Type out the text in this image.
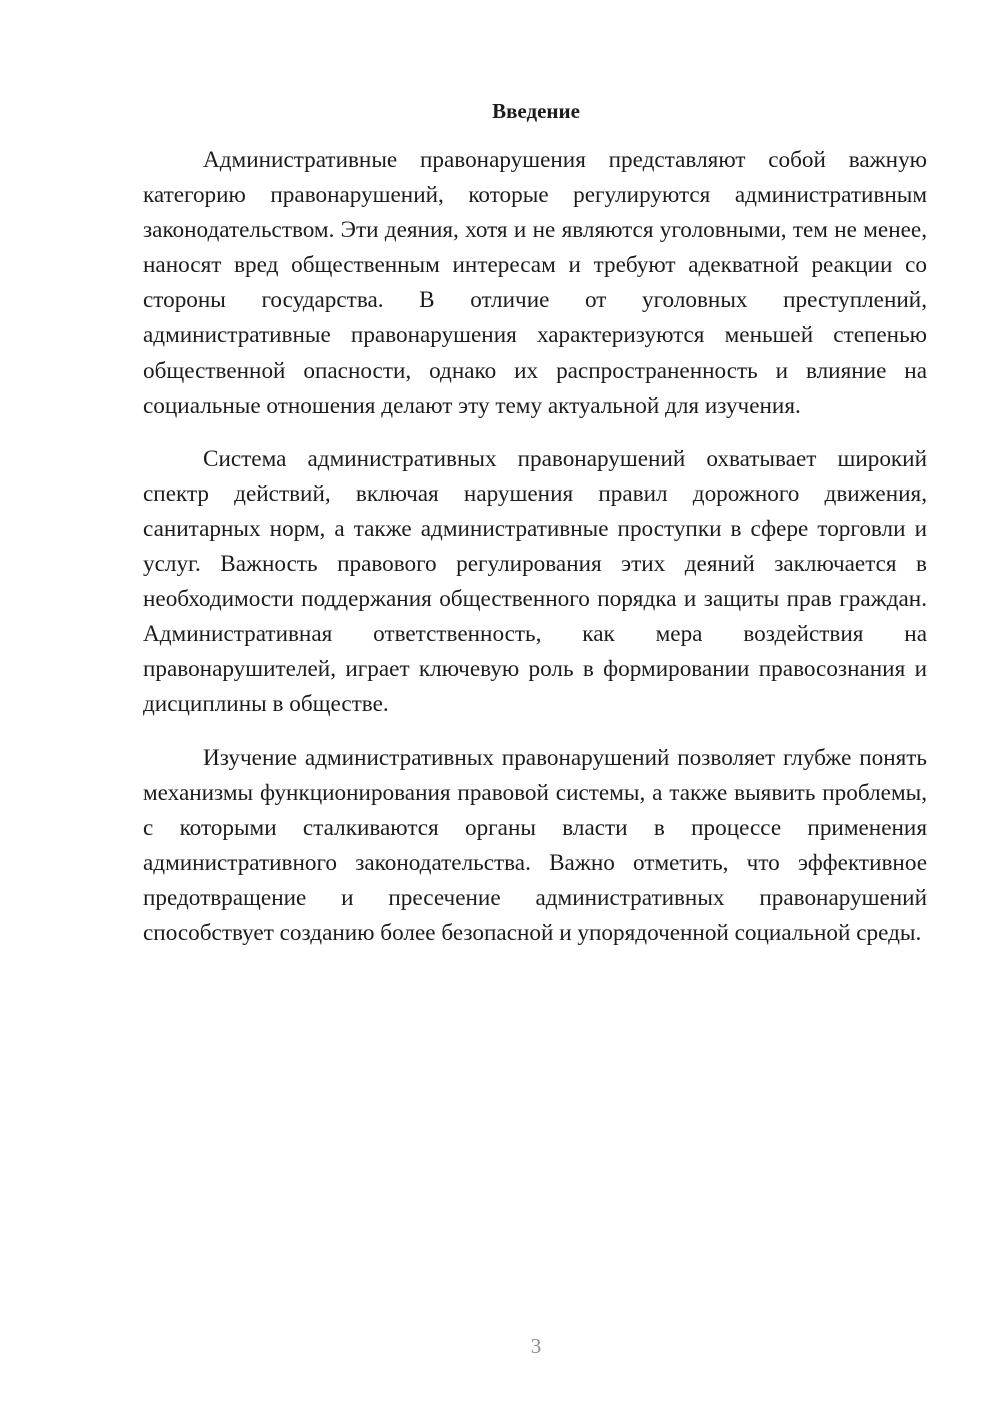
Введение

Административные правонарушения представляют собой важную категорию правонарушений, которые регулируются административным законодательством. Эти деяния, хотя и не являются уголовными, тем не менее, наносят вред общественным интересам и требуют адекватной реакции со стороны государства. В отличие от уголовных преступлений, административные правонарушения характеризуются меньшей степенью общественной опасности, однако их распространенность и влияние на социальные отношения делают эту тему актуальной для изучения.

Система административных правонарушений охватывает широкий спектр действий, включая нарушения правил дорожного движения, санитарных норм, а также административные проступки в сфере торговли и услуг. Важность правового регулирования этих деяний заключается в необходимости поддержания общественного порядка и защиты прав граждан. Административная ответственность, как мера воздействия на правонарушителей, играет ключевую роль в формировании правосознания и дисциплины в обществе.

Изучение административных правонарушений позволяет глубже понять механизмы функционирования правовой системы, а также выявить проблемы, с которыми сталкиваются органы власти в процессе применения административного законодательства. Важно отметить, что эффективное предотвращение и пресечение административных правонарушений способствует созданию более безопасной и упорядоченной социальной среды.

3
